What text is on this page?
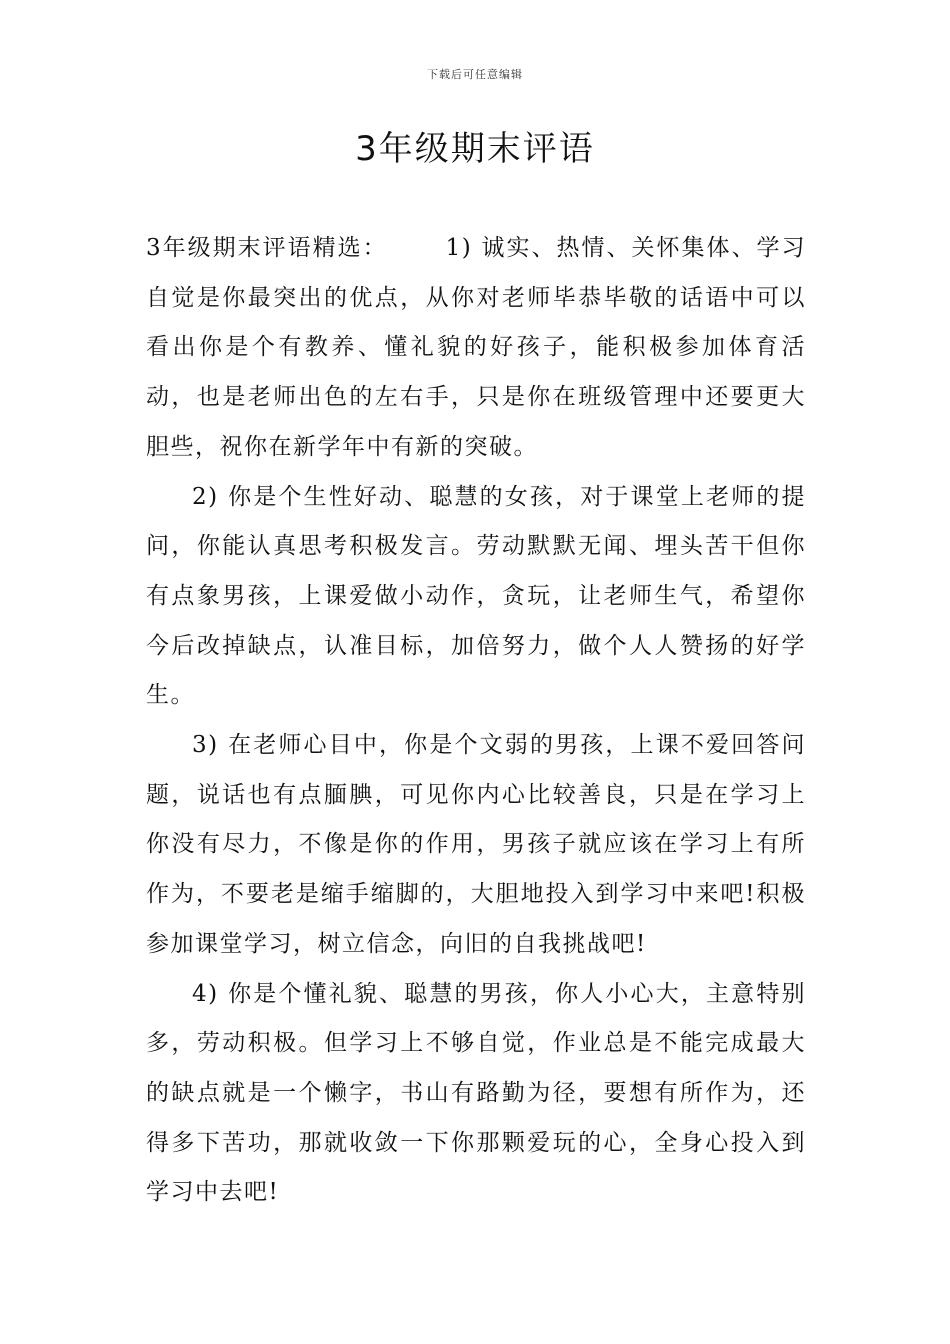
下载后可任意编辑
3年级期末评语

3年级期末评语精选：	1) 诚实、热情、关怀集体、学习自觉是你最突出的优点，从你对老师毕恭毕敬的话语中可以看出你是个有教养、懂礼貌的好孩子，能积极参加体育活动，也是老师出色的左右手，只是你在班级管理中还要更大胆些，祝你在新学年中有新的突破。

2) 你是个生性好动、聪慧的女孩，对于课堂上老师的提问，你能认真思考积极发言。劳动默默无闻、埋头苦干但你有点象男孩，上课爱做小动作，贪玩，让老师生气，希望你今后改掉缺点，认准目标，加倍努力，做个人人赞扬的好学生。

3) 在老师心目中，你是个文弱的男孩，上课不爱回答问题，说话也有点腼腆，可见你内心比较善良，只是在学习上你没有尽力，不像是你的作用，男孩子就应该在学习上有所作为，不要老是缩手缩脚的，大胆地投入到学习中来吧!积极参加课堂学习，树立信念，向旧的自我挑战吧!

4) 你是个懂礼貌、聪慧的男孩，你人小心大，主意特别多，劳动积极。但学习上不够自觉，作业总是不能完成最大的缺点就是一个懒字，书山有路勤为径，要想有所作为，还得多下苦功，那就收敛一下你那颗爱玩的心，全身心投入到学习中去吧!
